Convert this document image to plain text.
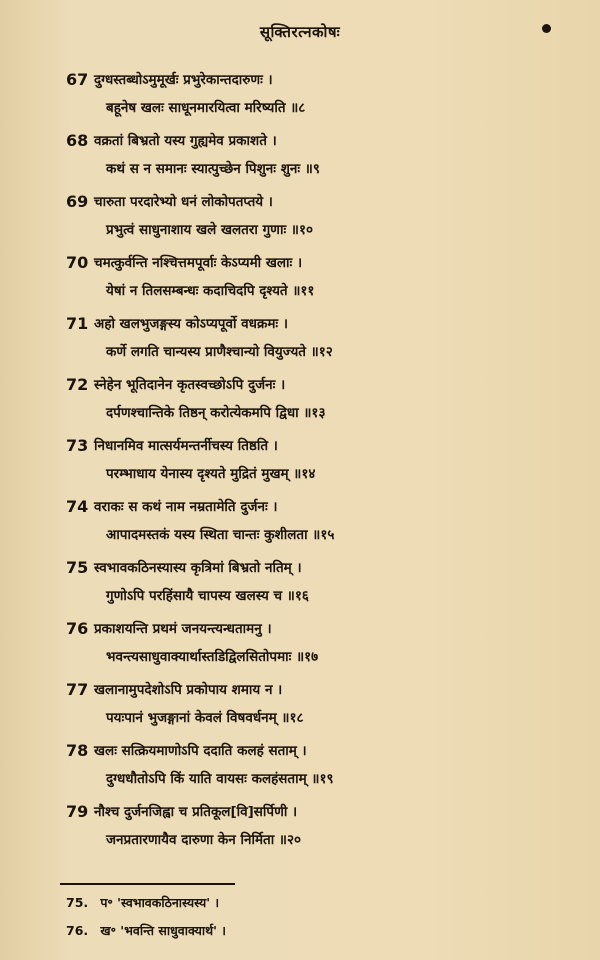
सूक्तिरत्नकोषः
67 दुग्धस्तब्धोऽमुमूर्खः प्रभुरेकान्तदारुणः ।
बहूनेष खलः साधूनमारयित्वा मरिष्यति ॥८
68 वक्रतां बिभ्रतो यस्य गुह्यमेव प्रकाशते ।
कथं स न समानः स्यात्पुच्छेन पिशुनः शुनः ॥९
69 चारुता परदारेभ्यो धनं लोकोपतप्तये ।
प्रभुत्वं साधुनाशाय खले खलतरा गुणाः ॥१०
70 चमत्कुर्वन्ति नश्चित्तमपूर्वाः केऽप्यमी खलाः ।
येषां न तिलसम्बन्धः कदाचिदपि दृश्यते ॥११
71 अहो खलभुजङ्गस्य कोऽप्यपूर्वो वधक्रमः ।
कर्णे लगति चान्यस्य प्राणैश्चान्यो वियुज्यते ॥१२
72 स्नेहेन भूतिदानेन कृतस्वच्छोऽपि दुर्जनः ।
दर्पणश्चान्तिके तिष्ठन् करोत्येकमपि द्विधा ॥१३
73 निधानमिव मात्सर्यमन्तर्नीचस्य तिष्ठति ।
परम्भाधाय येनास्य दृश्यते मुद्रितं मुखम् ॥१४
74 वराकः स कथं नाम नम्रतामेति दुर्जनः ।
आपादमस्तकं यस्य स्थिता चान्तः कुशीलता ॥१५
75 स्वभावकठिनस्यास्य कृत्रिमां बिभ्रतो नतिम् ।
गुणोऽपि परहिंसायै चापस्य खलस्य च ॥१६
76 प्रकाशयन्ति प्रथमं जनयन्त्यन्धतामनु ।
भवन्त्यसाधुवाक्यार्थास्तडिद्विलसितोपमाः ॥१७
77 खलानामुपदेशोऽपि प्रकोपाय शमाय न ।
पयःपानं भुजङ्गानां केवलं विषवर्धनम् ॥१८
78 खलः सत्क्रियमाणोऽपि ददाति कलहं सताम् ।
दुग्धधौतोऽपि किं याति वायसः कलहंसताम् ॥१९
79 नौश्च दुर्जनजिह्वा च प्रतिकूल[वि]सर्पिणी ।
जनप्रतारणायैव दारुणा केन निर्मिता ॥२०
75. प॰ 'स्वभावकठिनास्यस्य' ।
76. ख॰ 'भवन्ति साधुवाक्यार्थ' ।
